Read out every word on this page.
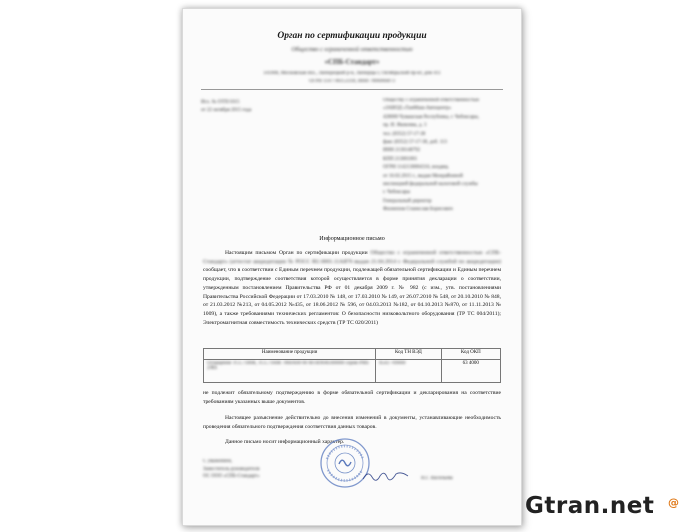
Орган по сертификации продукции
Общество с ограниченной ответственностью
«СПБ-Стандарт»
141008, Московская обл., Люберецкий р-н, Люберцы г, Октябрьский пр-кт, дом 411
ОГРН 1147746153318, ИНН 7806066873
Исх. № ОТП/1015
от 22 октября 2015 года
Обществу с ограниченной ответственностью
«ЗАВОД «ТамМаш-Автоцентр»
428000 Чувашская Республика, г. Чебоксары,
пр. И. Яковлева, д. 3
тел. (8352) 57-17-38
факс (8352) 57-17-38, доб. 113
ИНН 2130148792
КПП 213001001
ОГРН 1142130004316, входящ.
от 16.02.2015 г., выдан Межрайонной
инспекцией федеральной налоговой службы
г. Чебоксары
Генеральный директор
Филиппов Станислав Борисович
Информационное письмо

Настоящим письмом Орган по сертификации продукции Общество с ограниченной ответственностью «СПБ-Стандарт» (аттестат аккредитации № РОСС RU.0001.11АЯ76 выдан 21.04.2014 г. Федеральной службой по аккредитации) сообщает, что в соответствии с Единым перечнем продукции, подлежащей обязательной сертификации и Единым перечнем продукции, подтверждение соответствия которой осуществляется в форме принятия декларации о соответствии, утвержденным постановлением Правительства РФ от 01 декабря 2009 г. № 982 (с изм., утв. постановлениями Правительства Российской Федерации от 17.03.2010 № 148, от 17.03.2010 № 149, от 26.07.2010 № 548, от 20.10.2010 № 848, от 21.03.2012 №213, от 04.05.2012 №435, от 18.06.2012 № 596, от 04.03.2013 №182, от 04.10.2013 №870, от 11.11.2013 № 1009), а также требованиями технических регламентов: О безопасности низковольтного оборудования (ТР ТС 004/2011); Электромагнитная совместимость технических средств (ТР ТС 020/2011)

Наименование продукции	Код ТН ВЭД	Код ОКП
Оснащение TCC7180R, TCC7160R 7860A00 00 MTR9040300000 серия PMS 2/RS	8543 709000	63 4000
не подлежит обязательному подтверждению в форме обязательной сертификации и декларирования на соответствие требованиям указанных выше документов.

Настоящее разъяснение действительно до внесения изменений в документы, устанавливающие необходимость проведения обязательного подтверждения соответствия данных товаров.

Данное письмо носит информационный характер.
С уважением,
Заместитель руководителя
ОС ООО «СПБ-Стандарт»	Н.Г. Васильева
Gtran.net @
